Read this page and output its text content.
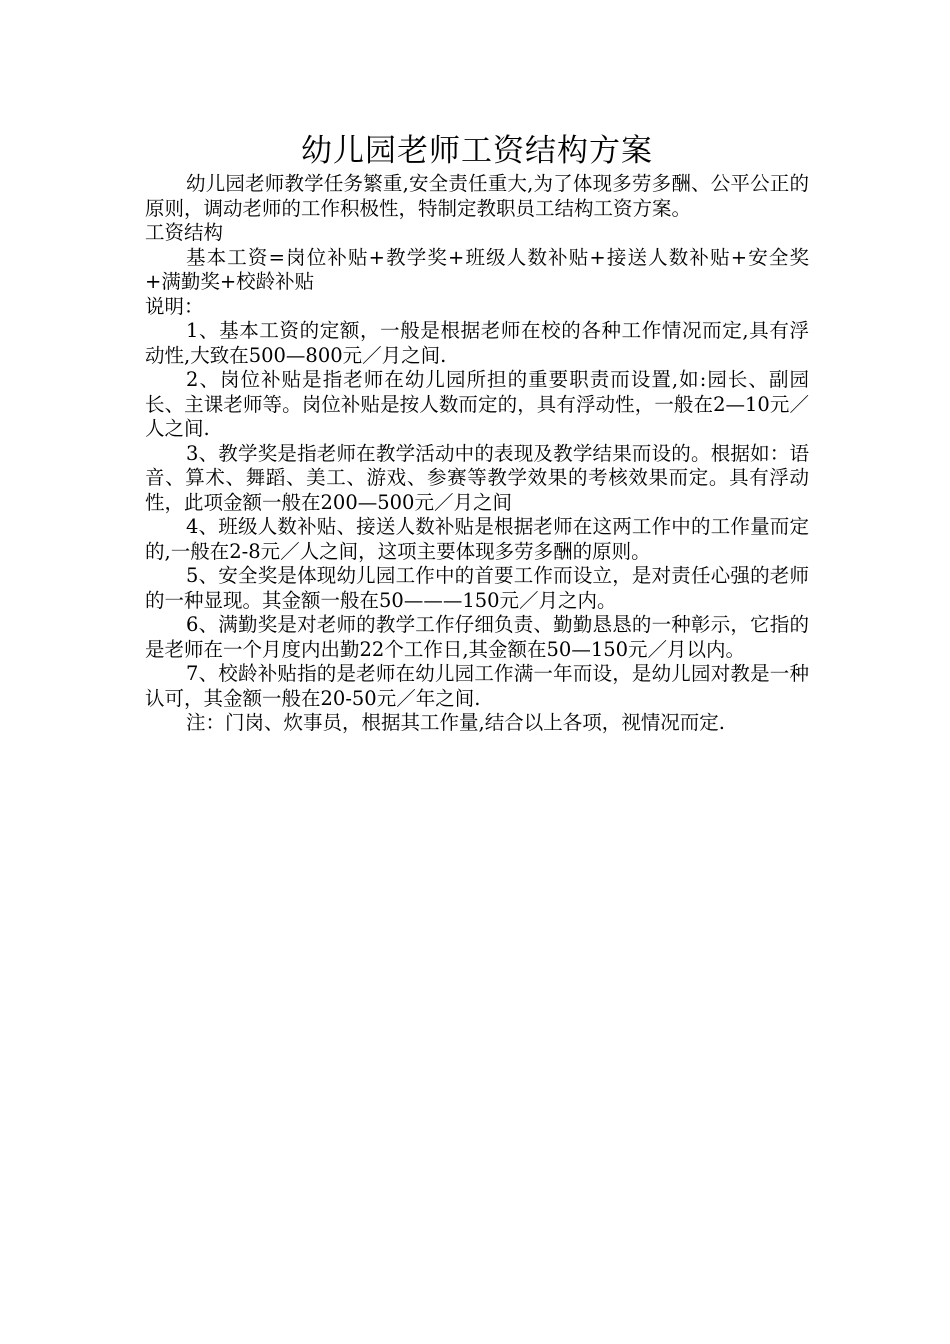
幼儿园老师工资结构方案

幼儿园老师教学任务繁重,安全责任重大,为了体现多劳多酬、公平公正的原则，调动老师的工作积极性，特制定教职员工结构工资方案。

工资结构

基本工资=岗位补贴+教学奖+班级人数补贴+接送人数补贴+安全奖+满勤奖+校龄补贴

说明：

1、基本工资的定额，一般是根据老师在校的各种工作情况而定,具有浮动性,大致在500—800元／月之间.

2、岗位补贴是指老师在幼儿园所担的重要职责而设置,如:园长、副园长、主课老师等。岗位补贴是按人数而定的，具有浮动性，一般在2—10元／人之间.

3、教学奖是指老师在教学活动中的表现及教学结果而设的。根据如：语音、算术、舞蹈、美工、游戏、参赛等教学效果的考核效果而定。具有浮动性，此项金额一般在200—500元／月之间

4、班级人数补贴、接送人数补贴是根据老师在这两工作中的工作量而定的,一般在2-8元／人之间，这项主要体现多劳多酬的原则。

5、安全奖是体现幼儿园工作中的首要工作而设立，是对责任心强的老师的一种显现。其金额一般在50———150元／月之内。

6、满勤奖是对老师的教学工作仔细负责、勤勤恳恳的一种彰示，它指的是老师在一个月度内出勤22个工作日,其金额在50—150元／月以内。

7、校龄补贴指的是老师在幼儿园工作满一年而设，是幼儿园对教是一种认可，其金额一般在20-50元／年之间.

注：门岗、炊事员，根据其工作量,结合以上各项，视情况而定.
